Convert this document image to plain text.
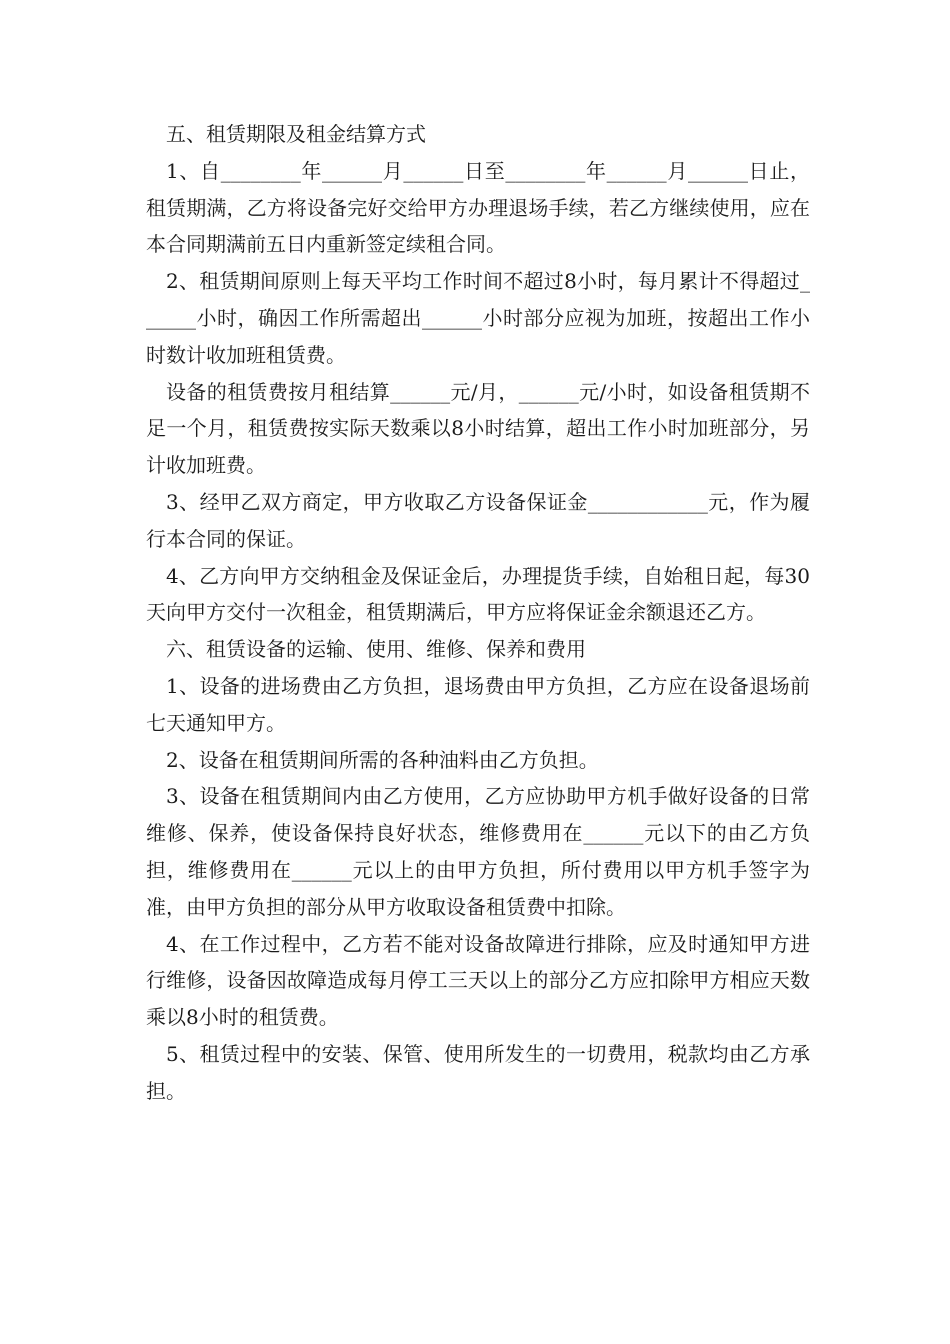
五、租赁期限及租金结算方式

1、自________年______月______日至________年______月______日止，租赁期满，乙方将设备完好交给甲方办理退场手续，若乙方继续使用，应在本合同期满前五日内重新签定续租合同。

2、租赁期间原则上每天平均工作时间不超过8小时，每月累计不得超过______小时，确因工作所需超出______小时部分应视为加班，按超出工作小时数计收加班租赁费。

设备的租赁费按月租结算______元/月，______元/小时，如设备租赁期不足一个月，租赁费按实际天数乘以8小时结算，超出工作小时加班部分，另计收加班费。

3、经甲乙双方商定，甲方收取乙方设备保证金____________元，作为履行本合同的保证。

4、乙方向甲方交纳租金及保证金后，办理提货手续，自始租日起，每30天向甲方交付一次租金，租赁期满后，甲方应将保证金余额退还乙方。

六、租赁设备的运输、使用、维修、保养和费用

1、设备的进场费由乙方负担，退场费由甲方负担，乙方应在设备退场前七天通知甲方。

2、设备在租赁期间所需的各种油料由乙方负担。

3、设备在租赁期间内由乙方使用，乙方应协助甲方机手做好设备的日常维修、保养，使设备保持良好状态，维修费用在______元以下的由乙方负担，维修费用在______元以上的由甲方负担，所付费用以甲方机手签字为准，由甲方负担的部分从甲方收取设备租赁费中扣除。

4、在工作过程中，乙方若不能对设备故障进行排除，应及时通知甲方进行维修，设备因故障造成每月停工三天以上的部分乙方应扣除甲方相应天数乘以8小时的租赁费。

5、租赁过程中的安装、保管、使用所发生的一切费用，税款均由乙方承担。
